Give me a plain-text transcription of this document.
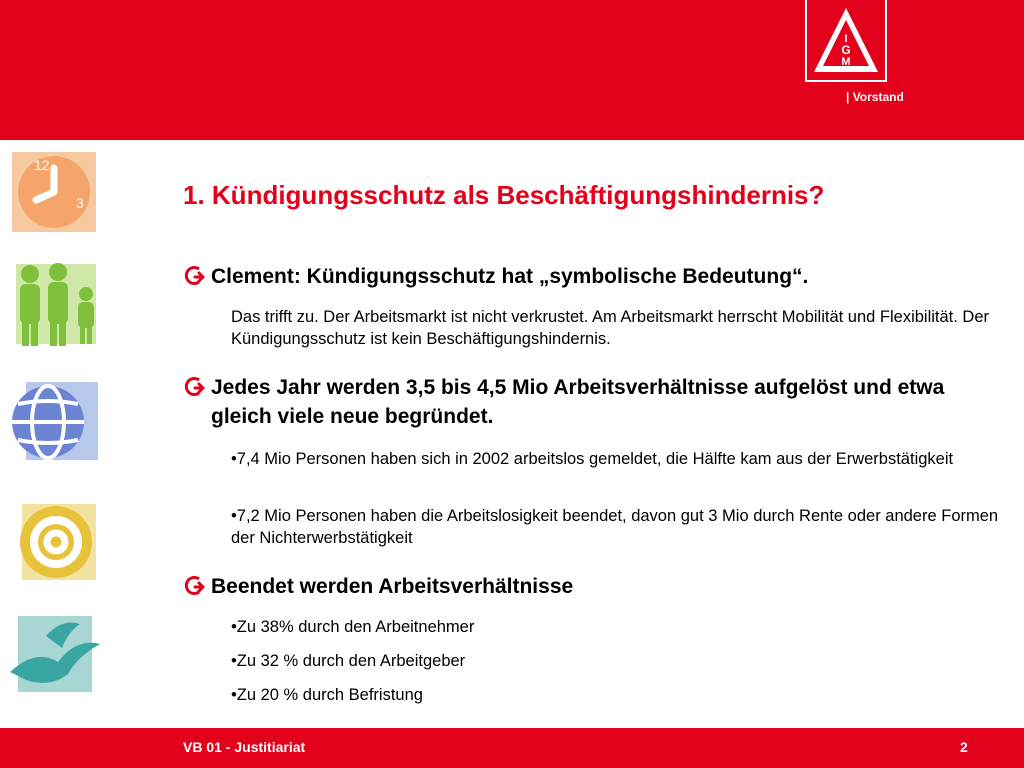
I
G
M
| Vorstand
12
3	1. Kündigungsschutz als Beschäftigungshindernis?
Clement: Kündigungsschutz hat „symbolische Bedeutung“.
Das trifft zu. Der Arbeitsmarkt ist nicht verkrustet. Am Arbeitsmarkt herrscht Mobilität und Flexibilität. Der Kündigungsschutz ist kein Beschäftigungshindernis.
Jedes Jahr werden 3,5 bis 4,5 Mio Arbeitsverhältnisse aufgelöst und etwa gleich viele neue begründet.
•7,4 Mio Personen haben sich in 2002 arbeitslos gemeldet, die Hälfte kam aus der Erwerbstätigkeit
•7,2 Mio Personen haben die Arbeitslosigkeit beendet, davon gut 3 Mio durch Rente oder andere Formen der Nichterwerbstätigkeit
Beendet werden Arbeitsverhältnisse
•Zu 38% durch den Arbeitnehmer
•Zu 32 % durch den Arbeitgeber
•Zu 20 % durch Befristung
VB 01 - Justitiariat	2
